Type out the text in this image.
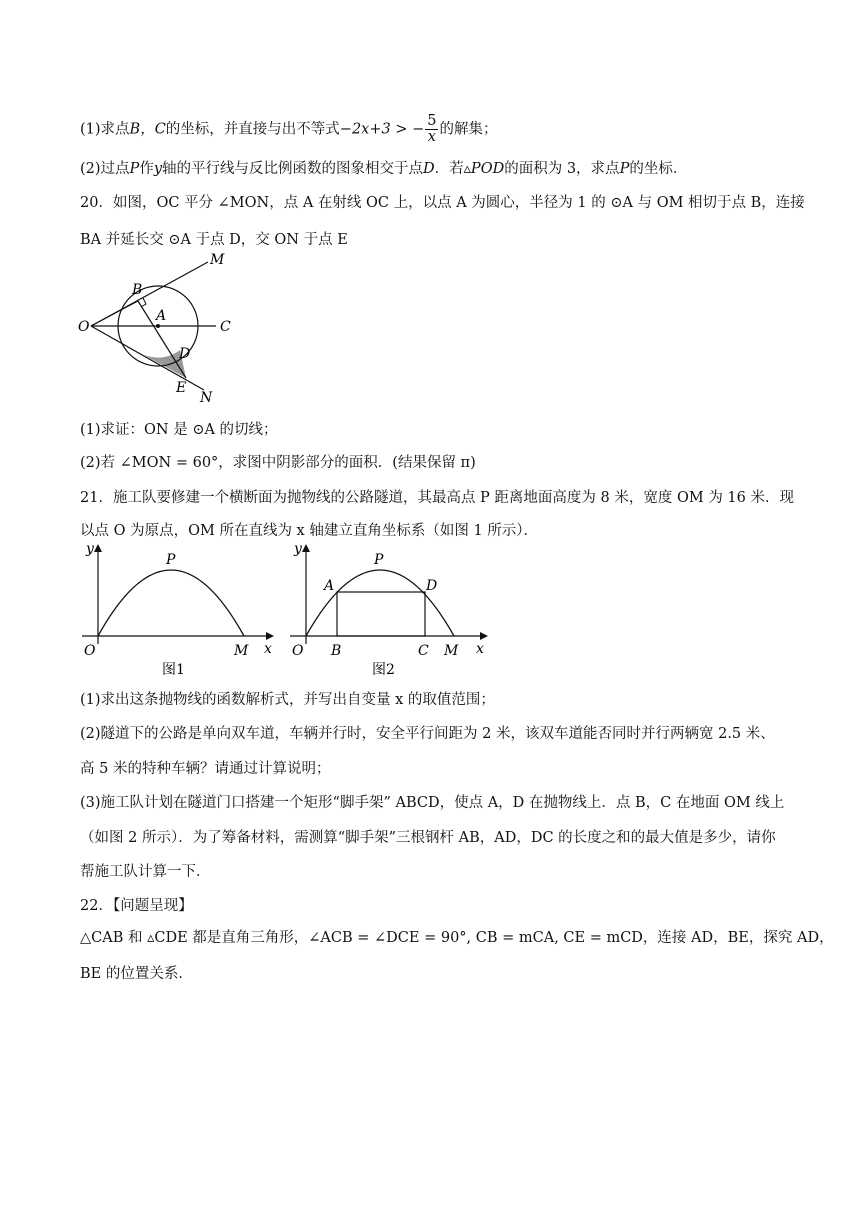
(1)求点B，C的坐标，并直接与出不等式−2x+3 > − $\frac{5}{x}$ 的解集；
(2)过点P作y轴的平行线与反比例函数的图象相交于点D．若▵POD的面积为 3，求点P的坐标．
20．如图，OC 平分 ∠MON，点 A 在射线 OC 上，以点 A 为圆心，半径为 1 的 ⊙A 与 OM 相切于点 B，连接
BA 并延长交 ⊙A 于点 D，交 ON 于点 E
M
B
O
A
C
D
E
N
(1)求证：ON 是 ⊙A 的切线；
(2)若 ∠MON = 60°，求图中阴影部分的面积．(结果保留 π)
21．施工队要修建一个横断面为抛物线的公路隧道，其最高点 P 距离地面高度为 8 米，宽度 OM 为 16 米．现
以点 O 为原点，OM 所在直线为 x 轴建立直角坐标系（如图 1 所示）．
y
x
O
P
M
图1
y
x
O
P
A	D
B	C M
图2
(1)求出这条抛物线的函数解析式，并写出自变量 x 的取值范围；
(2)隧道下的公路是单向双车道，车辆并行时，安全平行间距为 2 米，该双车道能否同时并行两辆宽 2.5 米、
高 5 米的特种车辆？请通过计算说明；
(3)施工队计划在隧道门口搭建一个矩形“脚手架” ABCD，使点 A，D 在抛物线上．点 B，C 在地面 OM 线上
（如图 2 所示）．为了筹备材料，需测算“脚手架”三根钢杆 AB，AD，DC 的长度之和的最大值是多少，请你
帮施工队计算一下．
22．【问题呈现】
△CAB 和 ▵CDE 都是直角三角形，∠ACB = ∠DCE = 90°, CB = mCA, CE = mCD，连接 AD，BE，探究 AD，
BE 的位置关系．
